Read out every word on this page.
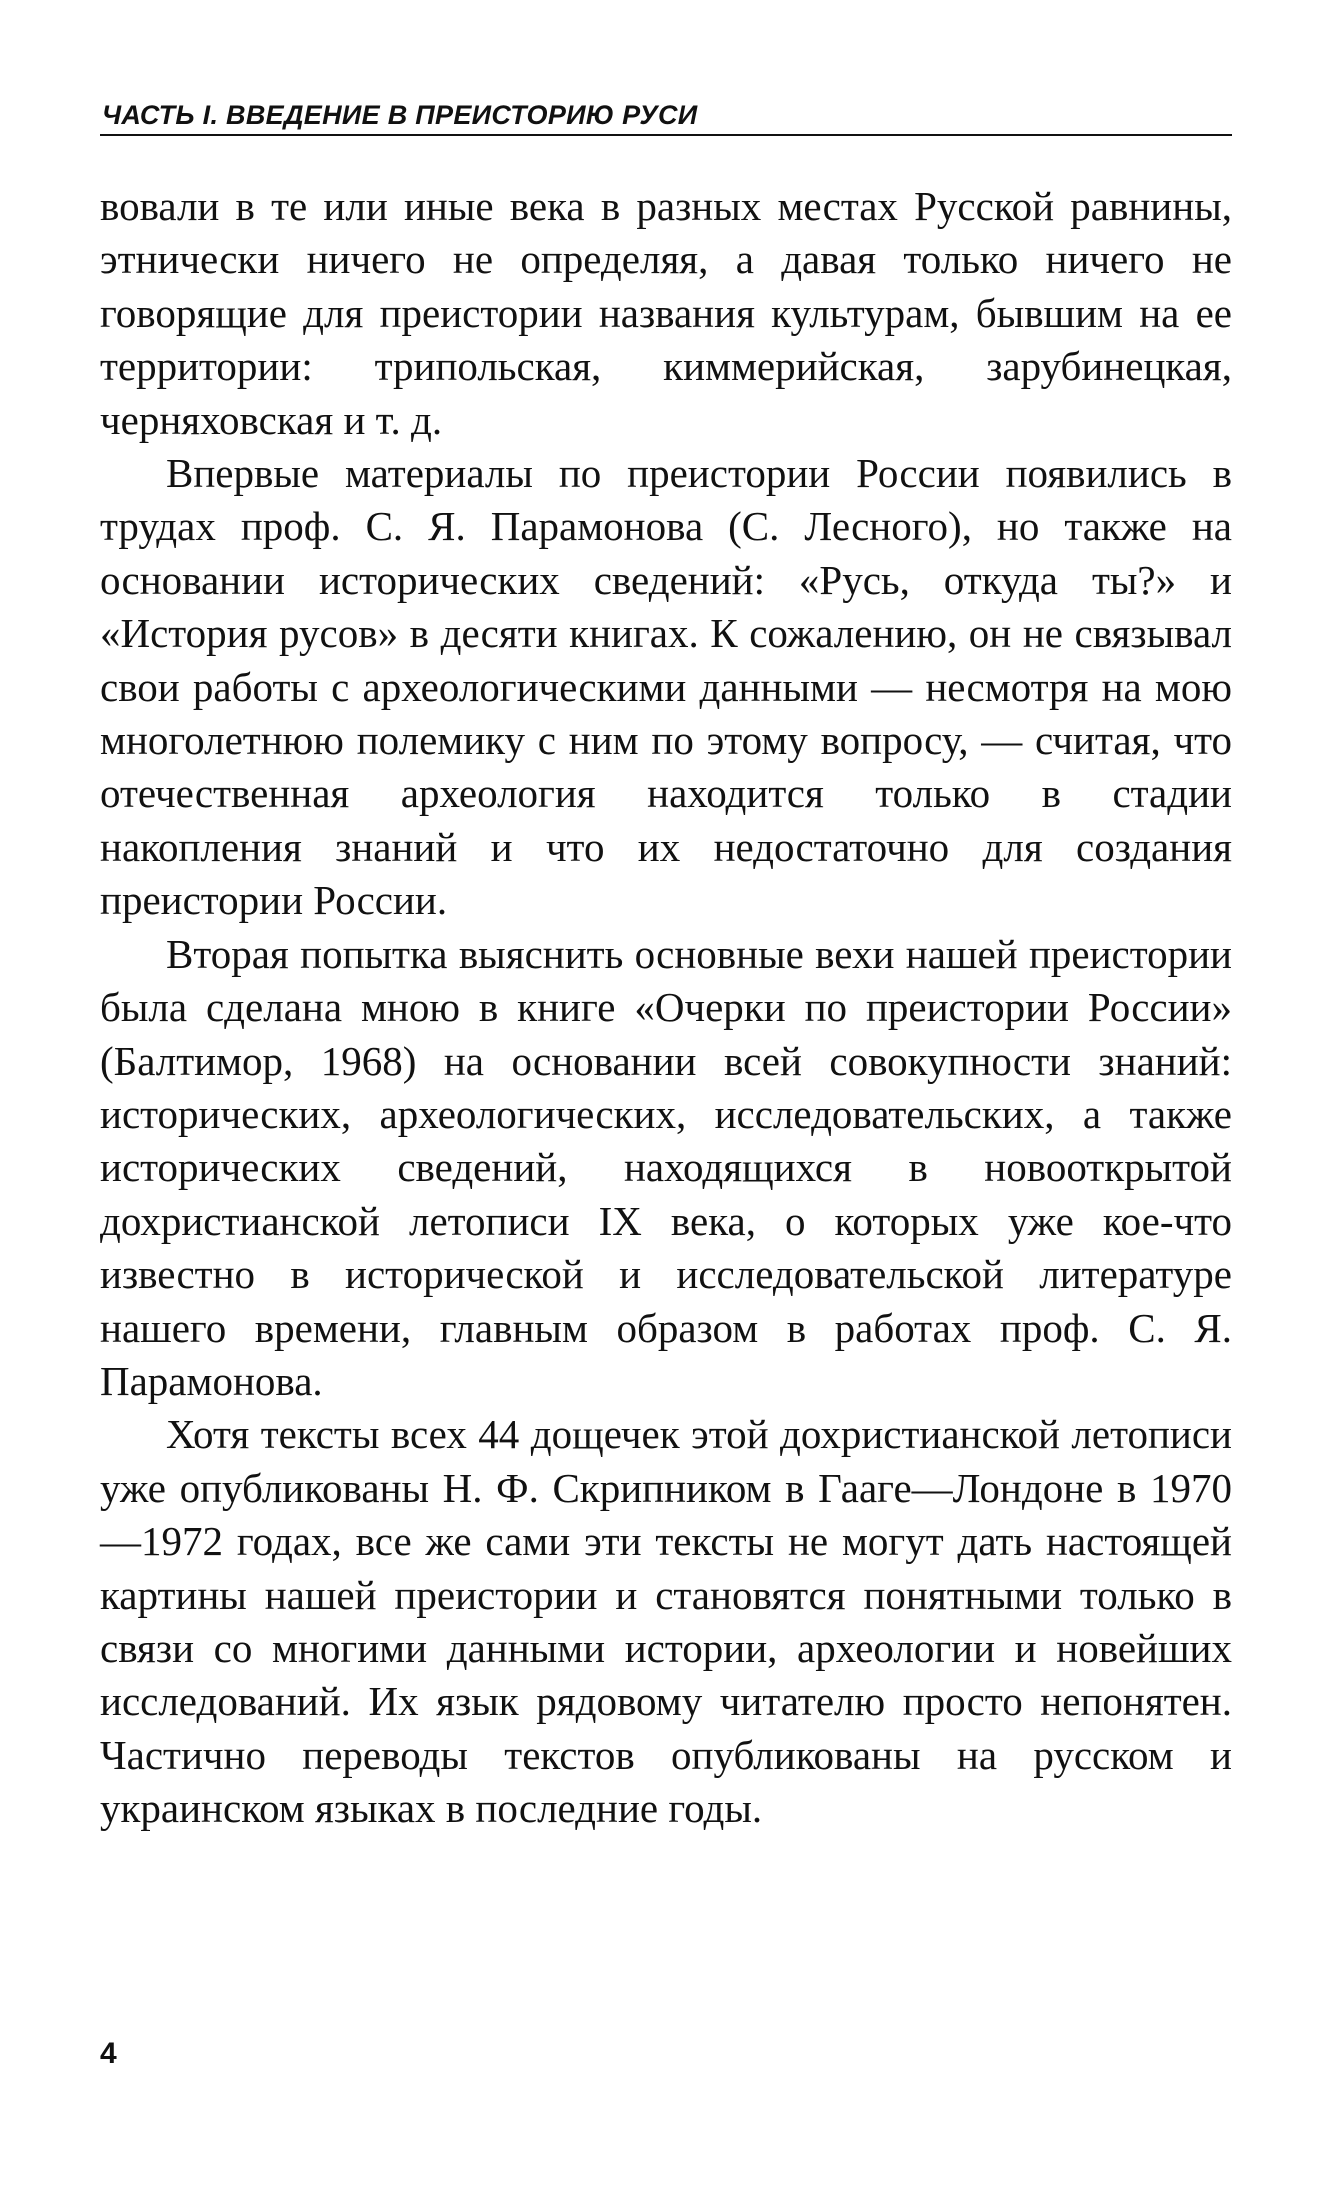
ЧАСТЬ I. ВВЕДЕНИЕ В ПРЕИСТОРИЮ РУСИ

вовали в те или иные века в разных местах Русской равнины, этнически ничего не определяя, а давая только ничего не говорящие для преистории названия культурам, бывшим на ее территории: трипольская, киммерийская, зарубинецкая, черняховская и т. д.

Впервые материалы по преистории России появились в трудах проф. С. Я. Парамонова (С. Лесного), но также на основании исторических сведений: «Русь, откуда ты?» и «История русов» в десяти книгах. К сожалению, он не связывал свои работы с археологическими данными — несмотря на мою многолетнюю полемику с ним по этому вопросу, — считая, что отечественная археология находится только в стадии накопления знаний и что их недостаточно для создания преистории России.

Вторая попытка выяснить основные вехи нашей преистории была сделана мною в книге «Очерки по преистории России» (Балтимор, 1968) на основании всей совокупности знаний: исторических, археологических, исследовательских, а также исторических сведений, находящихся в новооткрытой дохристианской летописи IX века, о которых уже кое-что известно в исторической и исследовательской литературе нашего времени, главным образом в работах проф. С. Я. Парамонова.

Хотя тексты всех 44 дощечек этой дохристианской летописи уже опубликованы Н. Ф. Скрипником в Гааге—Лондоне в 1970—1972 годах, все же сами эти тексты не могут дать настоящей картины нашей преистории и становятся понятными только в связи со многими данными истории, археологии и новейших исследований. Их язык рядовому читателю просто непонятен. Частично переводы текстов опубликованы на русском и украинском языках в последние годы.

4
